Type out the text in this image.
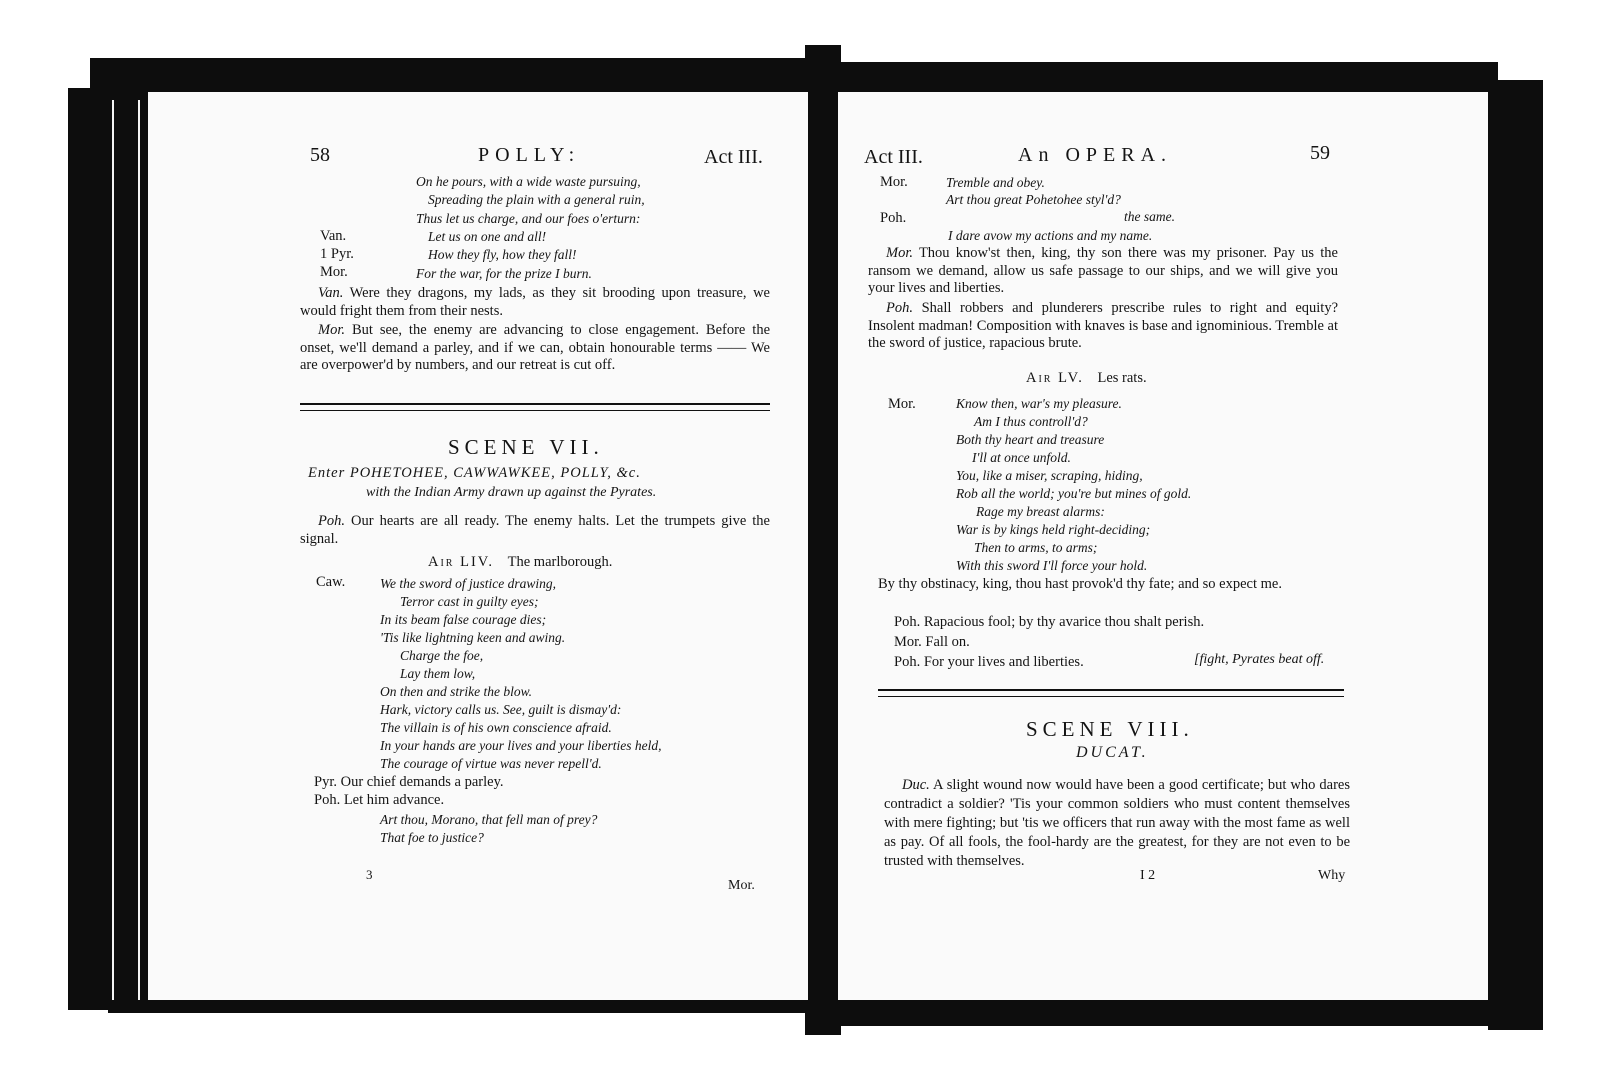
58	POLLY:	Act III.
On he pours, with a wide waste pursuing,
Spreading the plain with a general ruin,
Thus let us charge, and our foes o'erturn:
Van.	Let us on one and all!
1 Pyr.	How they fly, how they fall!
Mor.	For the war, for the prize I burn.
Van. Were they dragons, my lads, as they sit brooding upon treasure, we would fright them from their nests.
Mor. But see, the enemy are advancing to close engagement. Before the onset, we'll demand a parley, and if we can, obtain honourable terms —— We are overpower'd by numbers, and our retreat is cut off.
SCENE VII.
Enter POHETOHEE, CAWWAWKEE, POLLY, &c.
with the Indian Army drawn up against the Pyrates.
Poh. Our hearts are all ready. The enemy halts. Let the trumpets give the signal.
Air LIV. The marlborough.
Caw.	We the sword of justice drawing,
Terror cast in guilty eyes;
In its beam false courage dies;
'Tis like lightning keen and awing.
Charge the foe,
Lay them low,
On then and strike the blow.
Hark, victory calls us. See, guilt is dismay'd:
The villain is of his own conscience afraid.
In your hands are your lives and your liberties held,
The courage of virtue was never repell'd.
Pyr. Our chief demands a parley.
Poh. Let him advance.
Art thou, Morano, that fell man of prey?
That foe to justice?
3
Mor.
Act III.	An OPERA.	59
Mor.	Tremble and obey.
Art thou great Pohetohee styl'd?
Poh.	the same.
I dare avow my actions and my name.
Mor. Thou know'st then, king, thy son there was my prisoner. Pay us the ransom we demand, allow us safe passage to our ships, and we will give you your lives and liberties.
Poh. Shall robbers and plunderers prescribe rules to right and equity? Insolent madman! Composition with knaves is base and ignominious. Tremble at the sword of justice, rapacious brute.
Air LV. Les rats.
Mor.	Know then, war's my pleasure.
Am I thus controll'd?
Both thy heart and treasure
I'll at once unfold.
You, like a miser, scraping, hiding,
Rob all the world; you're but mines of gold.
Rage my breast alarms:
War is by kings held right-deciding;
Then to arms, to arms;
With this sword I'll force your hold.
By thy obstinacy, king, thou hast provok'd thy fate; and so expect me.
Poh. Rapacious fool; by thy avarice thou shalt perish.
Mor. Fall on.
Poh. For your lives and liberties.	[fight, Pyrates beat off.
SCENE VIII.
DUCAT.
Duc. A slight wound now would have been a good certificate; but who dares contradict a soldier? 'Tis your common soldiers who must content themselves with mere fighting; but 'tis we officers that run away with the most fame as well as pay. Of all fools, the fool-hardy are the greatest, for they are not even to be trusted with themselves.
I 2	Why
